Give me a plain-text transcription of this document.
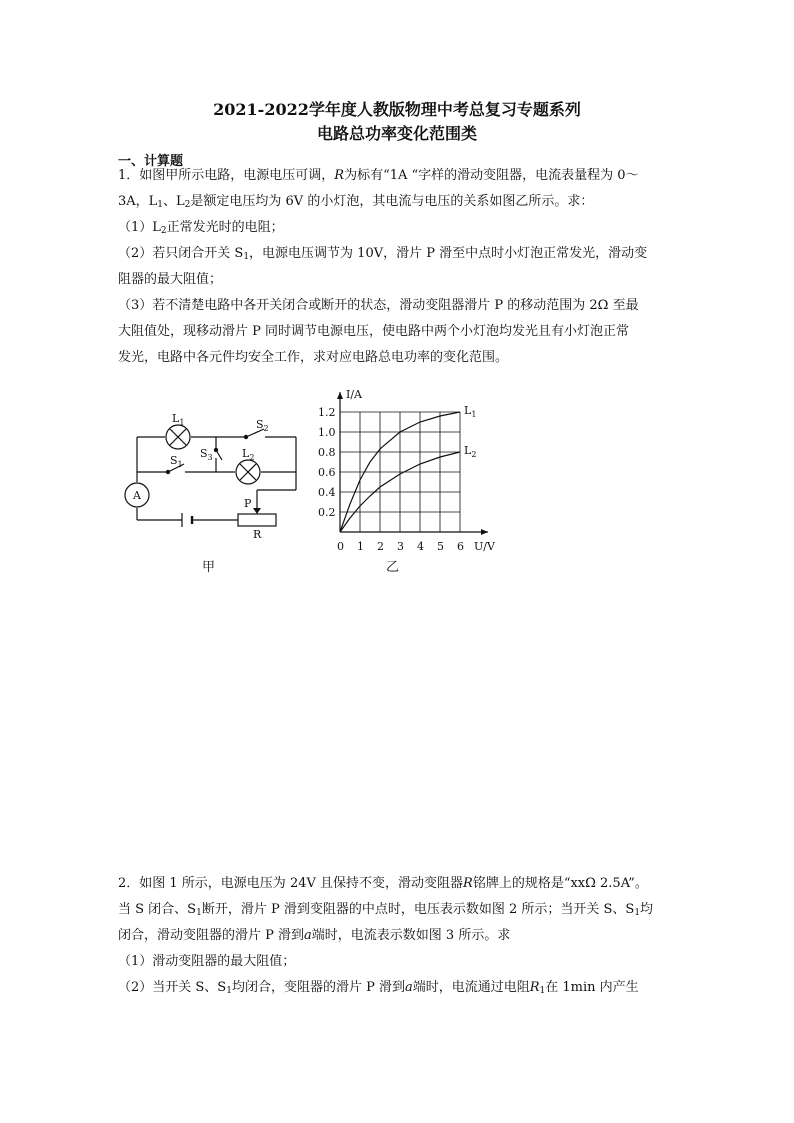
2021-2022学年度人教版物理中考总复习专题系列
电路总功率变化范围类
一、计算题

1．如图甲所示电路，电源电压可调，R为标有“1A “字样的滑动变阻器，电流表量程为 0～

3A，$L_1$、$L_2$是额定电压均为 6V 的小灯泡，其电流与电压的关系如图乙所示。求：

$(1)L_2$正常发光时的电阻；

（2）若只闭合开关 $S_1$，电源电压调节为 10V，滑片 P 滑至中点时小灯泡正常发光，滑动变

阻器的最大阻值；

（3）若不清楚电路中各开关闭合或断开的状态，滑动变阻器滑片 P 的移动范围为 2Ω 至最

大阻值处，现移动滑片 P 同时调节电源电压，使电路中两个小灯泡均发光且有小灯泡正常

发光，电路中各元件均安全工作，求对应电路总电功率的变化范围。

$L_1$
$L_2$
$S_1$
$S_2$
$S_3$
A
P
R
甲
0 1 2 3 4 5 6
0.2
0.4
0.6
0.8
1.0
1.2
U/V
I/A
$L_1$
$L_2$
乙

2．如图 1 所示，电源电压为 24V 且保持不变，滑动变阻器R铭牌上的规格是“xxΩ 2.5A”。

当 S 闭合、$S_1$断开，滑片 P 滑到变阻器的中点时，电压表示数如图 2 所示；当开关 S、$S_1$均

闭合，滑动变阻器的滑片 P 滑到a端时，电流表示数如图 3 所示。求

（1）滑动变阻器的最大阻值；

（2）当开关 S、$S_1$均闭合，变阻器的滑片 P 滑到a端时，电流通过电阻$R_1$在 1min 内产生
